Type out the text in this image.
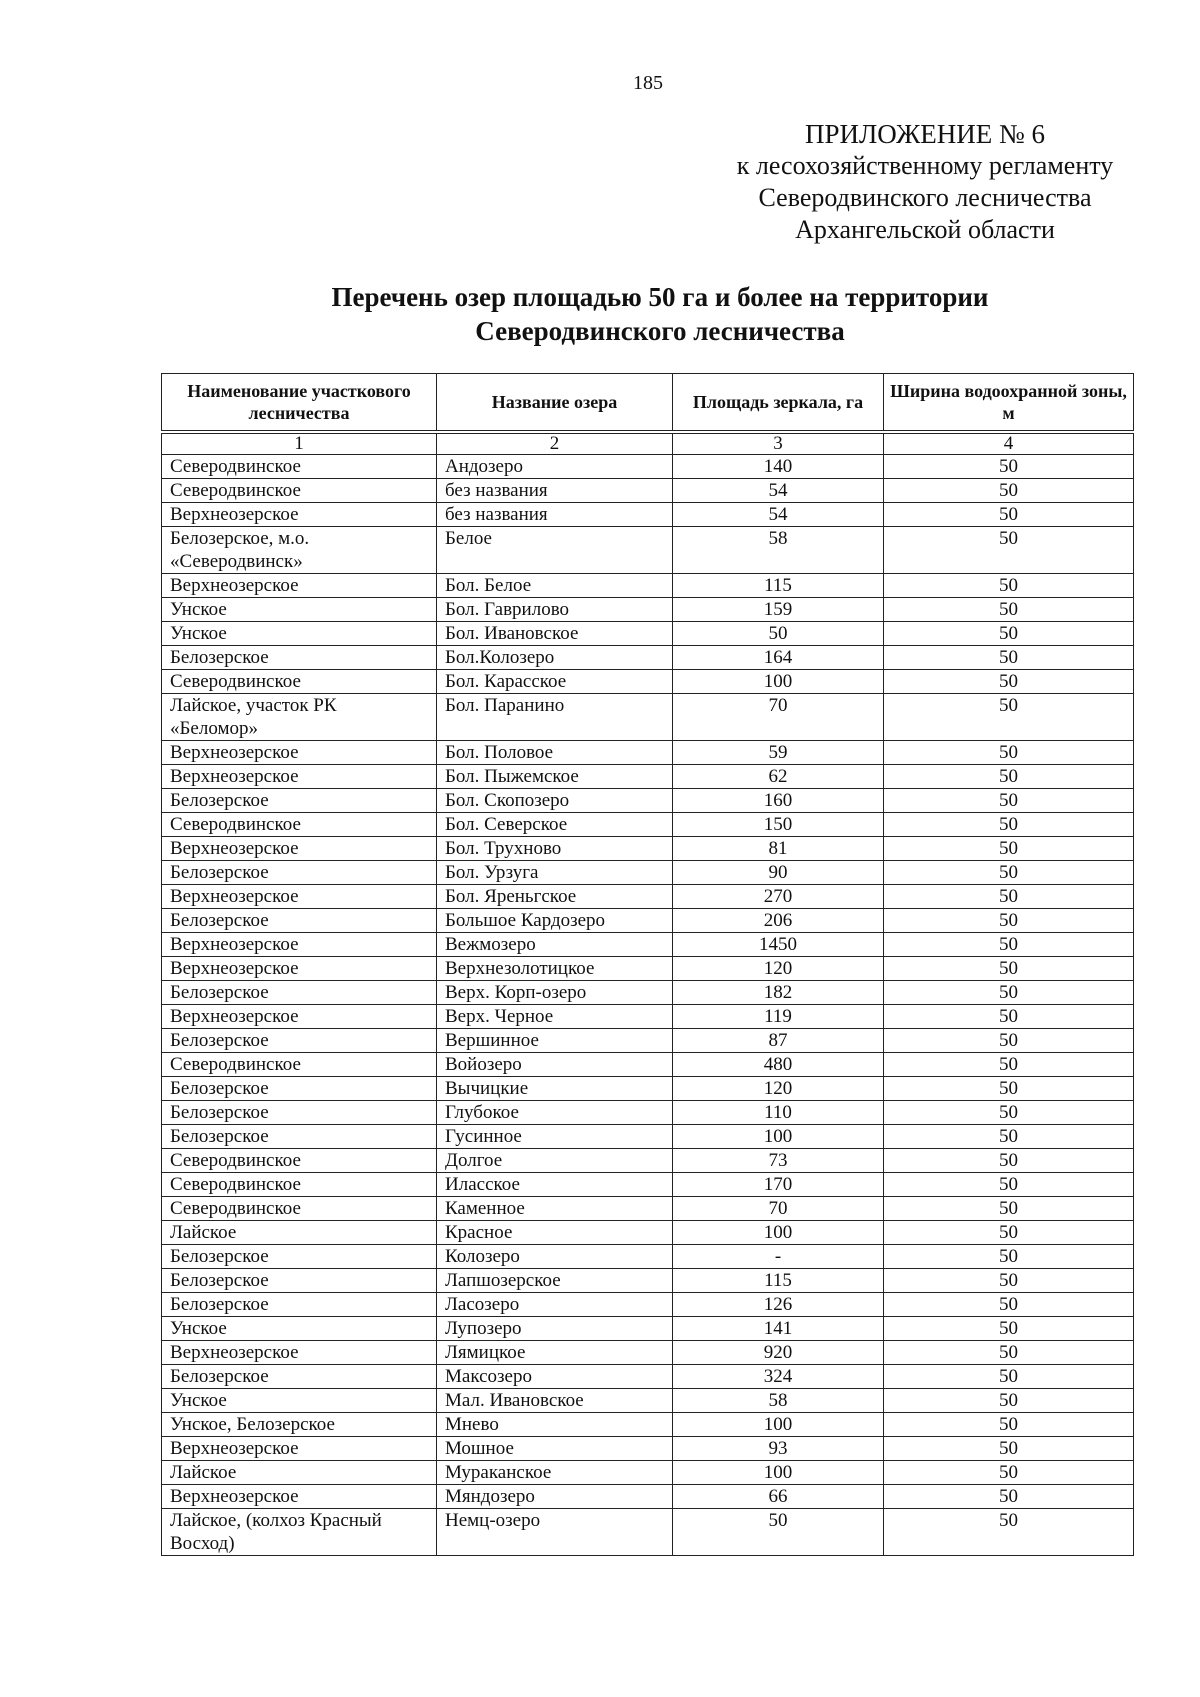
185
ПРИЛОЖЕНИЕ № 6
к лесохозяйственному регламенту
Северодвинского лесничества
Архангельской области
Перечень озер площадью 50 га и более на территории
Северодвинского лесничества
Наименование участкового лесничества	Название озера	Площадь зеркала, га	Ширина водоохранной зоны, м

1	2	3	4
Северодвинское	Андозеро	140	50
Северодвинское	без названия	54	50
Верхнеозерское	без названия	54	50
Белозерское, м.о. «Северодвинск»	Белое	58	50
Верхнеозерское	Бол. Белое	115	50
Унское	Бол. Гаврилово	159	50
Унское	Бол. Ивановское	50	50
Белозерское	Бол.Колозеро	164	50
Северодвинское	Бол. Карасское	100	50
Лайское, участок РК «Беломор»	Бол. Паранино	70	50
Верхнеозерское	Бол. Половое	59	50
Верхнеозерское	Бол. Пыжемское	62	50
Белозерское	Бол. Скопозеро	160	50
Северодвинское	Бол. Северское	150	50
Верхнеозерское	Бол. Трухново	81	50
Белозерское	Бол. Урзуга	90	50
Верхнеозерское	Бол. Яреньгское	270	50
Белозерское	Большое Кардозеро	206	50
Верхнеозерское	Вежмозеро	1450	50
Верхнеозерское	Верхнезолотицкое	120	50
Белозерское	Верх. Корп-озеро	182	50
Верхнеозерское	Верх. Черное	119	50
Белозерское	Вершинное	87	50
Северодвинское	Войозеро	480	50
Белозерское	Вычицкие	120	50
Белозерское	Глубокое	110	50
Белозерское	Гусинное	100	50
Северодвинское	Долгое	73	50
Северодвинское	Иласское	170	50
Северодвинское	Каменное	70	50
Лайское	Красное	100	50
Белозерское	Колозеро	-	50
Белозерское	Лапшозерское	115	50
Белозерское	Ласозеро	126	50
Унское	Лупозеро	141	50
Верхнеозерское	Лямицкое	920	50
Белозерское	Максозеро	324	50
Унское	Мал. Ивановское	58	50
Унское, Белозерское	Мнево	100	50
Верхнеозерское	Мошное	93	50
Лайское	Мураканское	100	50
Верхнеозерское	Мяндозеро	66	50
Лайское, (колхоз Красный Восход)	Немц-озеро	50	50
